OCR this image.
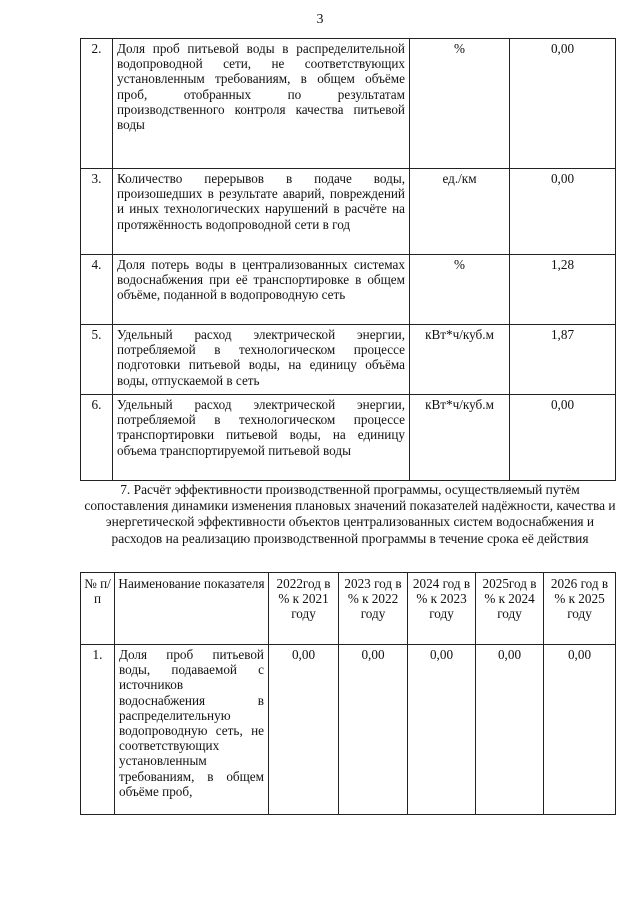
3
2.	Доля проб питьевой воды в распределительной водопроводной сети, не соответствующих установленным требованиям, в общем объёме проб, отобранных по результатам производственного контроля качества питьевой воды	%	0,00
3.	Количество перерывов в подаче воды, произошедших в результате аварий, повреждений и иных технологических нарушений в расчёте на протяжённость водопроводной сети в год	ед./км	0,00
4.	Доля потерь воды в централизованных системах водоснабжения при её транспортировке в общем объёме, поданной в водопроводную сеть	%	1,28
5.	Удельный расход электрической энергии, потребляемой в технологическом процессе подготовки питьевой воды, на единицу объёма воды, отпускаемой в сеть	кВт*ч/куб.м	1,87
6.	Удельный расход электрической энергии, потребляемой в технологическом процессе транспортировки питьевой воды, на единицу объема транспортируемой питьевой воды	кВт*ч/куб.м	0,00
7. Расчёт эффективности производственной программы, осуществляемый путём сопоставления динамики изменения плановых значений показателей надёжности, качества и энергетической эффективности объектов централизованных систем водоснабжения и расходов на реализацию производственной программы в течение срока её действия
№ п/п	Наименование показателя	2022год в % к 2021 году	2023 год в % к 2022 году	2024 год в % к 2023 году	2025год в % к 2024 году	2026 год в % к 2025 году
1.	Доля проб питьевой воды, подаваемой с источников водоснабжения в распределительную водопроводную сеть, не соответствующих установленным требованиям, в общем объёме проб,	0,00	0,00	0,00	0,00	0,00
